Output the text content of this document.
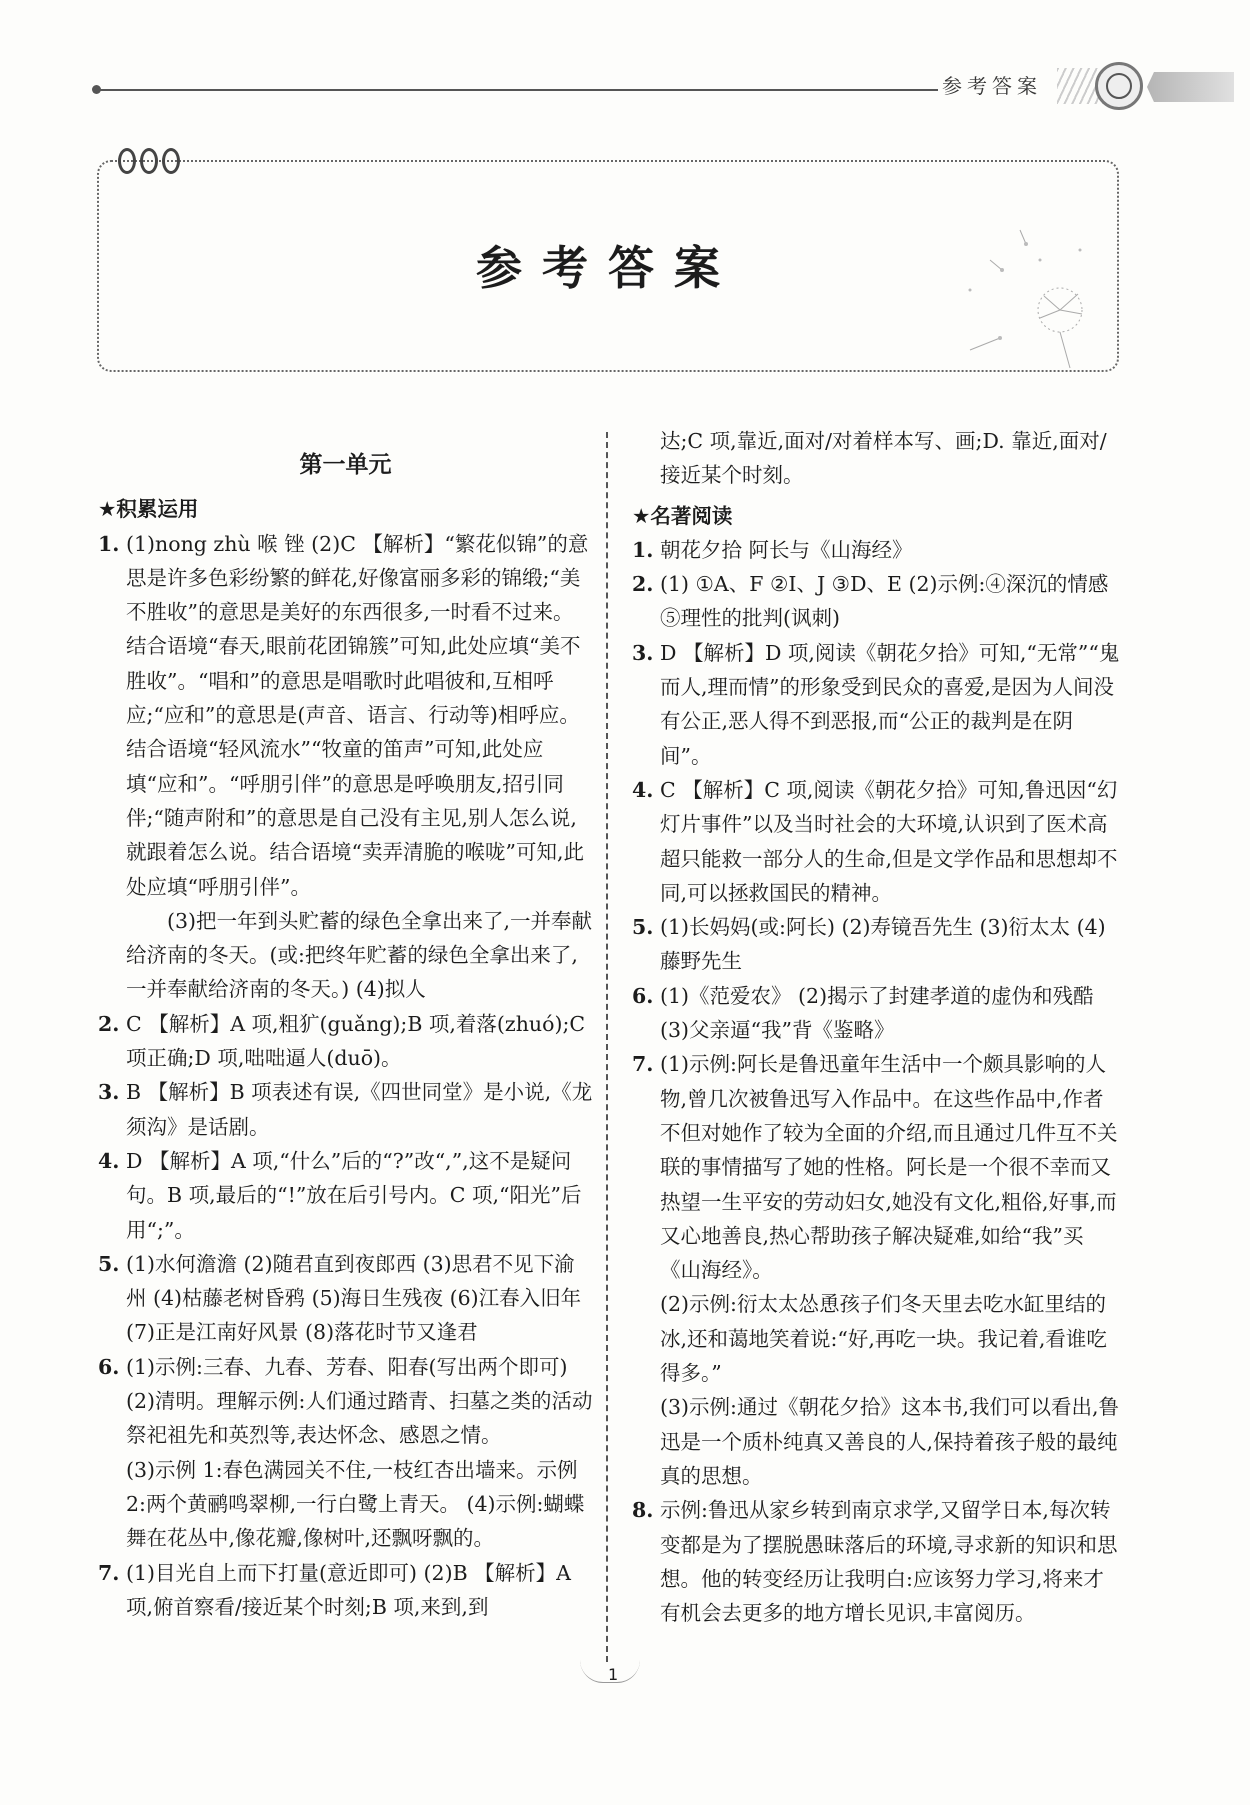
参考答案
参考答案
第一单元
★积累运用
1. (1)nong zhù 喉 锉 (2)C 【解析】“繁花似锦”的意思是许多色彩纷繁的鲜花,好像富丽多彩的锦缎;“美不胜收”的意思是美好的东西很多,一时看不过来。结合语境“春天,眼前花团锦簇”可知,此处应填“美不胜收”。“唱和”的意思是唱歌时此唱彼和,互相呼应;“应和”的意思是(声音、语言、行动等)相呼应。结合语境“轻风流水”“牧童的笛声”可知,此处应填“应和”。“呼朋引伴”的意思是呼唤朋友,招引同伴;“随声附和”的意思是自己没有主见,别人怎么说,就跟着怎么说。结合语境“卖弄清脆的喉咙”可知,此处应填“呼朋引伴”。
(3)把一年到头贮蓄的绿色全拿出来了,一并奉献给济南的冬天。(或:把终年贮蓄的绿色全拿出来了,一并奉献给济南的冬天。) (4)拟人
2. C 【解析】A 项,粗犷(guǎng);B 项,着落(zhuó);C 项正确;D 项,咄咄逼人(duō)。
3. B 【解析】B 项表述有误,《四世同堂》是小说,《龙须沟》是话剧。
4. D 【解析】A 项,“什么”后的“?”改“,”,这不是疑问句。B 项,最后的“!”放在后引号内。C 项,“阳光”后用“;”。
5. (1)水何澹澹 (2)随君直到夜郎西 (3)思君不见下渝州 (4)枯藤老树昏鸦 (5)海日生残夜 (6)江春入旧年 (7)正是江南好风景 (8)落花时节又逢君
6. (1)示例:三春、九春、芳春、阳春(写出两个即可)
(2)清明。理解示例:人们通过踏青、扫墓之类的活动祭祀祖先和英烈等,表达怀念、感恩之情。
(3)示例 1:春色满园关不住,一枝红杏出墙来。示例 2:两个黄鹂鸣翠柳,一行白鹭上青天。 (4)示例:蝴蝶舞在花丛中,像花瓣,像树叶,还飘呀飘的。
7. (1)目光自上而下打量(意近即可) (2)B 【解析】A 项,俯首察看/接近某个时刻;B 项,来到,到
达;C 项,靠近,面对/对着样本写、画;D. 靠近,面对/接近某个时刻。
★名著阅读
1. 朝花夕拾 阿长与《山海经》
2. (1) ①A、F ②I、J ③D、E (2)示例:④深沉的情感 ⑤理性的批判(讽刺)
3. D 【解析】D 项,阅读《朝花夕拾》可知,“无常”“鬼而人,理而情”的形象受到民众的喜爱,是因为人间没有公正,恶人得不到恶报,而“公正的裁判是在阴间”。
4. C 【解析】C 项,阅读《朝花夕拾》可知,鲁迅因“幻灯片事件”以及当时社会的大环境,认识到了医术高超只能救一部分人的生命,但是文学作品和思想却不同,可以拯救国民的精神。
5. (1)长妈妈(或:阿长) (2)寿镜吾先生 (3)衍太太 (4)藤野先生
6. (1)《范爱农》 (2)揭示了封建孝道的虚伪和残酷 (3)父亲逼“我”背《鉴略》
7. (1)示例:阿长是鲁迅童年生活中一个颇具影响的人物,曾几次被鲁迅写入作品中。在这些作品中,作者不但对她作了较为全面的介绍,而且通过几件互不关联的事情描写了她的性格。阿长是一个很不幸而又热望一生平安的劳动妇女,她没有文化,粗俗,好事,而又心地善良,热心帮助孩子解决疑难,如给“我”买《山海经》。
(2)示例:衍太太怂恿孩子们冬天里去吃水缸里结的冰,还和蔼地笑着说:“好,再吃一块。我记着,看谁吃得多。”
(3)示例:通过《朝花夕拾》这本书,我们可以看出,鲁迅是一个质朴纯真又善良的人,保持着孩子般的最纯真的思想。
8. 示例:鲁迅从家乡转到南京求学,又留学日本,每次转变都是为了摆脱愚昧落后的环境,寻求新的知识和思想。他的转变经历让我明白:应该努力学习,将来才有机会去更多的地方增长见识,丰富阅历。
1
